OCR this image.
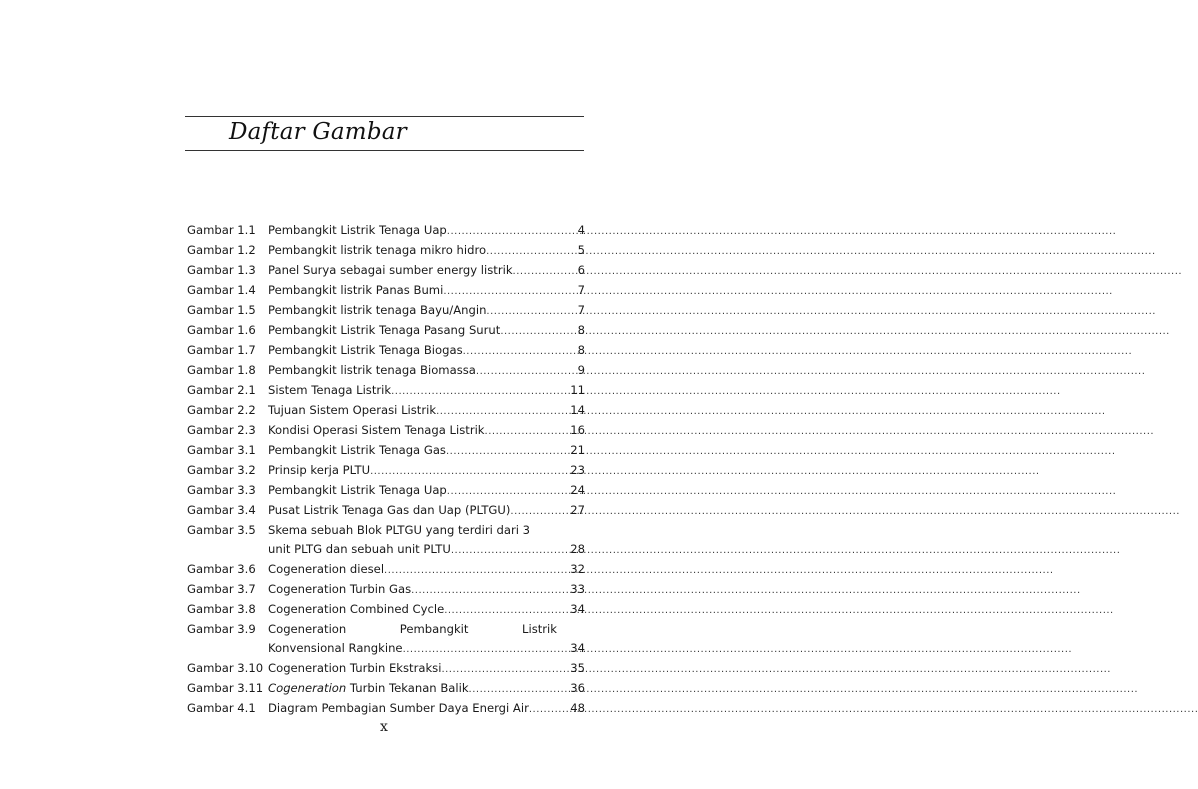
Daftar Gambar
Gambar 1.1	Pembangkit Listrik Tenaga Uap .....	4
Gambar 1.2	Pembangkit listrik tenaga mikro hidro .....	5
Gambar 1.3	Panel Surya sebagai sumber energy listrik .....	6
Gambar 1.4	Pembangkit listrik Panas Bumi .....	7
Gambar 1.5	Pembangkit listrik tenaga Bayu/Angin .....	7
Gambar 1.6	Pembangkit Listrik Tenaga Pasang Surut .....	8
Gambar 1.7	Pembangkit Listrik Tenaga Biogas .....	8
Gambar 1.8	Pembangkit listrik tenaga Biomassa .....	9
Gambar 2.1	Sistem Tenaga Listrik .....	11
Gambar 2.2	Tujuan Sistem Operasi Listrik .....	14
Gambar 2.3	Kondisi Operasi Sistem Tenaga Listrik .....	16
Gambar 3.1	Pembangkit Listrik Tenaga Gas .....	21
Gambar 3.2	Prinsip kerja PLTU .....	23
Gambar 3.3	Pembangkit Listrik Tenaga Uap .....	24
Gambar 3.4	Pusat Listrik Tenaga Gas dan Uap (PLTGU) .....	27
Gambar 3.5	Skema sebuah Blok PLTGU yang terdiri dari 3
unit PLTG dan sebuah unit PLTU .....	28
Gambar 3.6	Cogeneration diesel .....	32
Gambar 3.7	Cogeneration Turbin Gas .....	33
Gambar 3.8	Cogeneration Combined Cycle .....	34
Gambar 3.9	Cogeneration	Pembangkit	Listrik
Konvensional Rangkine .....	34
Gambar 3.10 Cogeneration Turbin Ekstraksi .....	35
Gambar 3.11 Cogeneration Turbin Tekanan Balik .....	36
Gambar 4.1	Diagram Pembagian Sumber Daya Energi Air .....	48
x
